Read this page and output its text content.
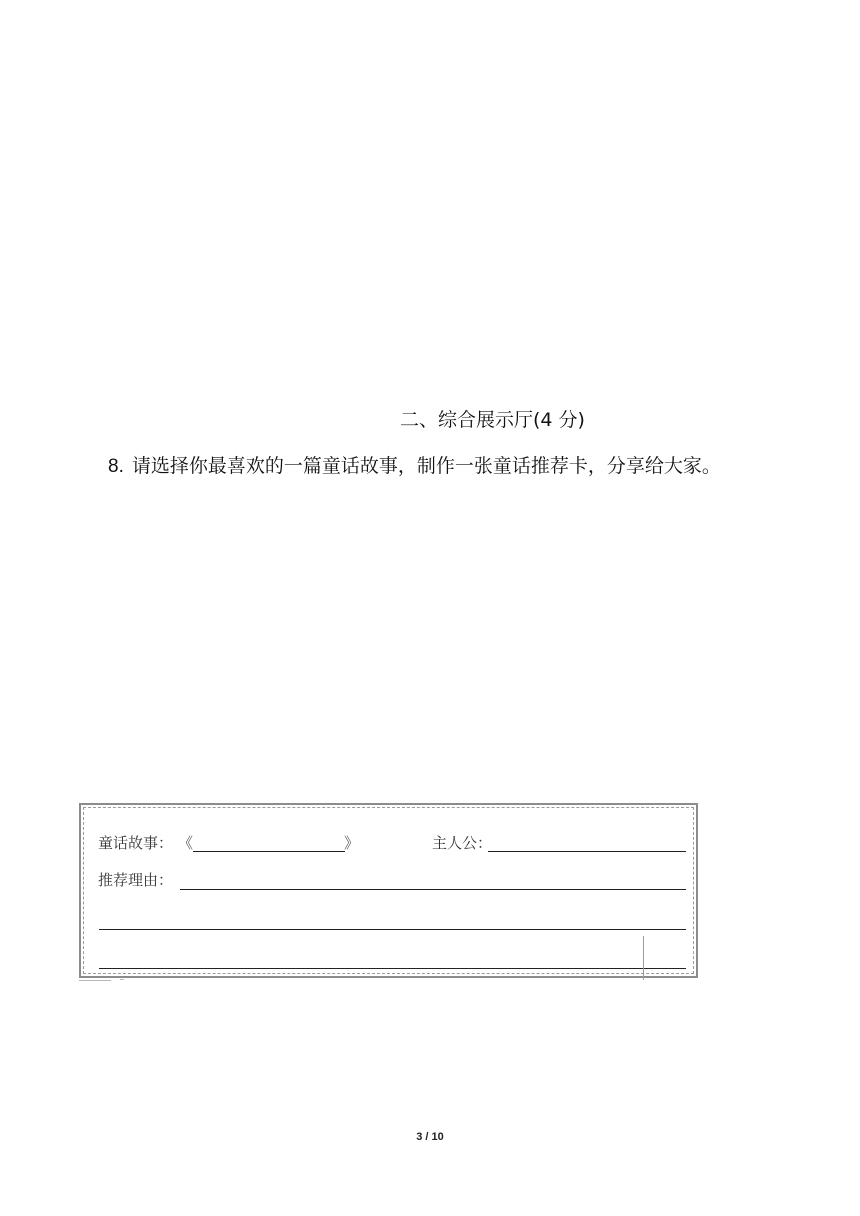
二、综合展示厅(4 分)
8. 请选择你最喜欢的一篇童话故事，制作一张童话推荐卡，分享给大家。
童话故事： 《	》	主人公：
推荐理由：
3 / 10
